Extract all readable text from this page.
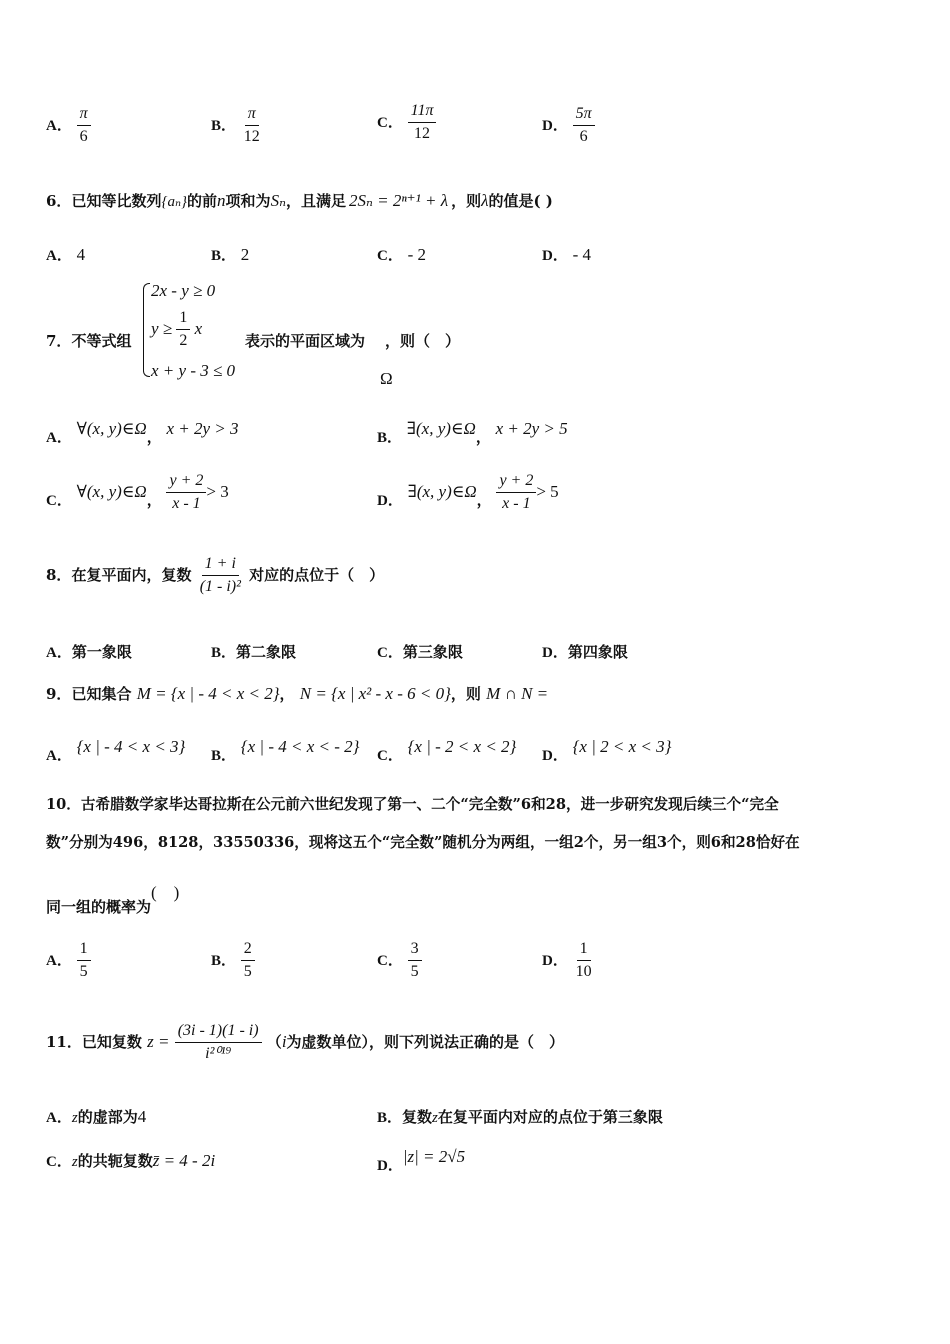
A． $\frac{\pi}{6}$	B． $\frac{\pi}{12}$	C． $\frac{11\pi}{12}$	D． $\frac{5\pi}{6}$
6．已知等比数列{aₙ}的前n项和为Sₙ，且满足 2Sₙ = 2ⁿ⁺¹ + λ ，则λ的值是( )
A． 4	B． 2	C． - 2	D． - 4
7．不等式组
2x - y ≥ 0
$y \ge \frac{1}{2}$ x
x + y - 3 ≤ 0
表示的平面区域为 ，则（　）
Ω
A． ∀(x, y)∈Ω， x + 2y > 3	B． ∃(x, y)∈Ω， x + 2y > 5
C． ∀(x, y)∈Ω， $\frac{y + 2}{x - 1} > 3$	D． ∃(x, y)∈Ω， $\frac{y + 2}{x - 1} > 5$
8．在复平面内，复数 $\frac{1 + i}{\text{(1 - i)²}}$ 对应的点位于（　）
A．第一象限	B．第二象限	C．第三象限	D．第四象限
9．已知集合 M = {x | - 4 < x < 2}， N = {x | x² - x - 6 < 0}，则 M ∩ N =
A． {x | - 4 < x < 3} B． {x | - 4 < x < - 2} C． {x | - 2 < x < 2} D． {x | 2 < x < 3}
10．古希腊数学家毕达哥拉斯在公元前六世纪发现了第一、二个“完全数”6和28，进一步研究发现后续三个“完全
数”分别为496，8128，33550336，现将这五个“完全数”随机分为两组，一组2个，另一组3个，则6和28恰好在
同一组的概率为(　)
A． $\frac{1}{5}$	B． $\frac{2}{5}$	C． $\frac{3}{5}$	D． $\frac{1}{10}$
11．已知复数 $z = \frac{(3i - 1)(1 - i)}{\text{i²⁰¹⁹}} (i$为虚数单位），则下列说法正确的是（　）
A．z的虚部为4	B．复数z在复平面内对应的点位于第三象限
C．z的共轭复数z̄ = 4 - 2i	D．|z| = 2√5
